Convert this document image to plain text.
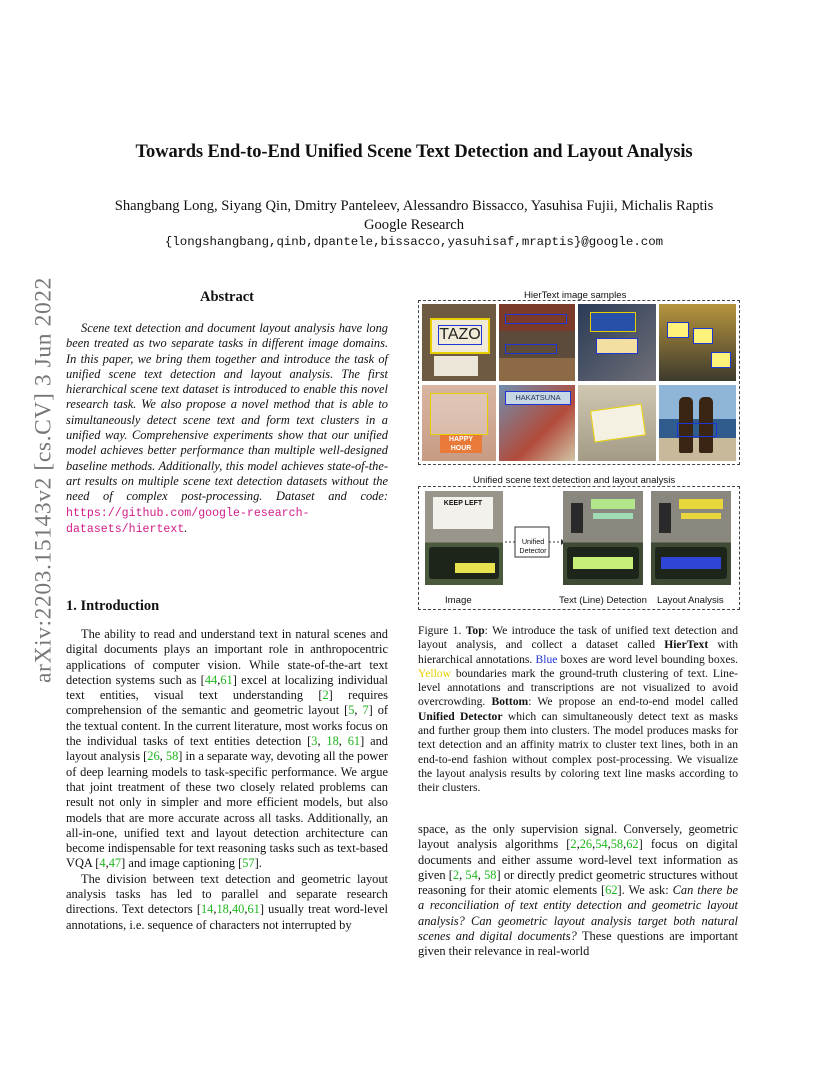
arXiv:2203.15143v2 [cs.CV] 3 Jun 2022
Towards End-to-End Unified Scene Text Detection and Layout Analysis
Shangbang Long, Siyang Qin, Dmitry Panteleev, Alessandro Bissacco, Yasuhisa Fujii, Michalis Raptis
Google Research
{longshangbang,qinb,dpantele,bissacco,yasuhisaf,mraptis}@google.com
Abstract
Scene text detection and document layout analysis have long been treated as two separate tasks in different image domains. In this paper, we bring them together and introduce the task of unified scene text detection and layout analysis. The first hierarchical scene text dataset is introduced to enable this novel research task. We also propose a novel method that is able to simultaneously detect scene text and form text clusters in a unified way. Comprehensive experiments show that our unified model achieves better performance than multiple well-designed baseline methods. Additionally, this model achieves state-of-the-art results on multiple scene text detection datasets without the need of complex post-processing. Dataset and code: https://github.com/google-research-datasets/hiertext.
1. Introduction

The ability to read and understand text in natural scenes and digital documents plays an important role in anthropocentric applications of computer vision. While state-of-the-art text detection systems such as [44,61] excel at localizing individual text entities, visual text understanding [2] requires comprehension of the semantic and geometric layout [5, 7] of the textual content. In the current literature, most works focus on the individual tasks of text entities detection [3, 18, 61] and layout analysis [26, 58] in a separate way, devoting all the power of deep learning models to task-specific performance. We argue that joint treatment of these two closely related problems can result not only in simpler and more efficient models, but also models that are more accurate across all tasks. Additionally, an all-in-one, unified text and layout detection architecture can become indispensable for text reasoning tasks such as text-based VQA [4,47] and image captioning [57].

The division between text detection and geometric layout analysis tasks has led to parallel and separate research directions. Text detectors [14,18,40,61] usually treat word-level annotations, i.e. sequence of characters not interrupted by

HierText image samples
TAZO
HAPPY HOUR
HAKATSUNA
Unified scene text detection and layout analysis
KEEP LEFT
Unified
Detector
Image	Text (Line) Detection Layout Analysis
Figure 1. Top: We introduce the task of unified text detection and layout analysis, and collect a dataset called HierText with hierarchical annotations. Blue boxes are word level bounding boxes. Yellow boundaries mark the ground-truth clustering of text. Line-level annotations and transcriptions are not visualized to avoid overcrowding. Bottom: We propose an end-to-end model called Unified Detector which can simultaneously detect text as masks and further group them into clusters. The model produces masks for text detection and an affinity matrix to cluster text lines, both in an end-to-end fashion without complex post-processing. We visualize the layout analysis results by coloring text line masks according to their clusters.
space, as the only supervision signal. Conversely, geometric layout analysis algorithms [2,26,54,58,62] focus on digital documents and either assume word-level text information as given [2, 54, 58] or directly predict geometric structures without reasoning for their atomic elements [62]. We ask: Can there be a reconciliation of text entity detection and geometric layout analysis? Can geometric layout analysis target both natural scenes and digital documents? These questions are important given their relevance in real-world
